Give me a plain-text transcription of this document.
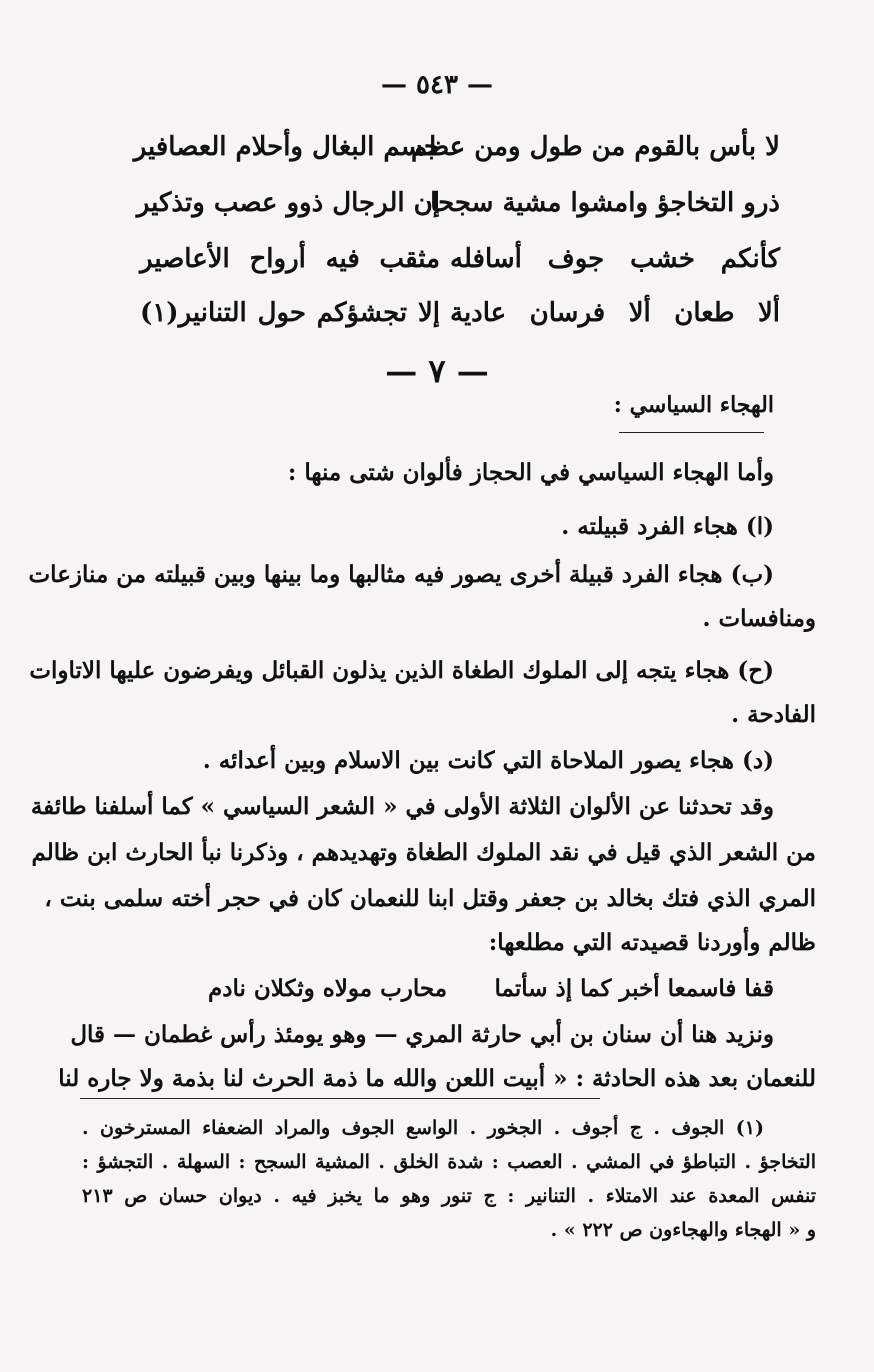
— ٥٤٣ —
لا بأس بالقوم من طول ومن عظم
جسم البغال وأحلام العصافير
ذرو التخاجؤ وامشوا مشية سجحا
إن الرجال ذوو عصب وتذكير
كأنكم خشب جوف أسافله
مثقب فيه أرواح الأعاصير
ألا طعان ألا فرسان عادية
إلا تجشؤكم حول التنانير(١)
— ٧ —
الهجاء السياسي :
وأما الهجاء السياسي في الحجاز فألوان شتى منها :
(ا) هجاء الفرد قبيلته .
(ب) هجاء الفرد قبيلة أخرى يصور فيه مثالبها وما بينها وبين قبيلته من منازعات
ومنافسات .
(ح) هجاء يتجه إلى الملوك الطغاة الذين يذلون القبائل ويفرضون عليها الاتاوات
الفادحة .
(د) هجاء يصور الملاحاة التي كانت بين الاسلام وبين أعدائه .
وقد تحدثنا عن الألوان الثلاثة الأولى في « الشعر السياسي » كما أسلفنا طائفة
من الشعر الذي قيل في نقد الملوك الطغاة وتهديدهم ، وذكرنا نبأ الحارث ابن ظالم
المري الذي فتك بخالد بن جعفر وقتل ابنا للنعمان كان في حجر أخته سلمى بنت ،
ظالم وأوردنا قصيدته التي مطلعها:
قفا فاسمعا أخبر كما إذ سأتما
محارب مولاه وثكلان نادم
ونزيد هنا أن سنان بن أبي حارثة المري — وهو يومئذ رأس غطمان — قال
للنعمان بعد هذه الحادثة : « أبيت اللعن والله ما ذمة الحرث لنا بذمة ولا جاره لنا
(١) الجوف . ج أجوف . الجخور . الواسع الجوف والمراد الضعفاء المسترخون .
التخاجؤ . التباطؤ في المشي . العصب : شدة الخلق . المشية السجح : السهلة . التجشؤ :
تنفس المعدة عند الامتلاء . التنانير : ج تنور وهو ما يخبز فيه . ديوان حسان ص ٢١٣
و « الهجاء والهجاءون ص ٢٢٢ » .
